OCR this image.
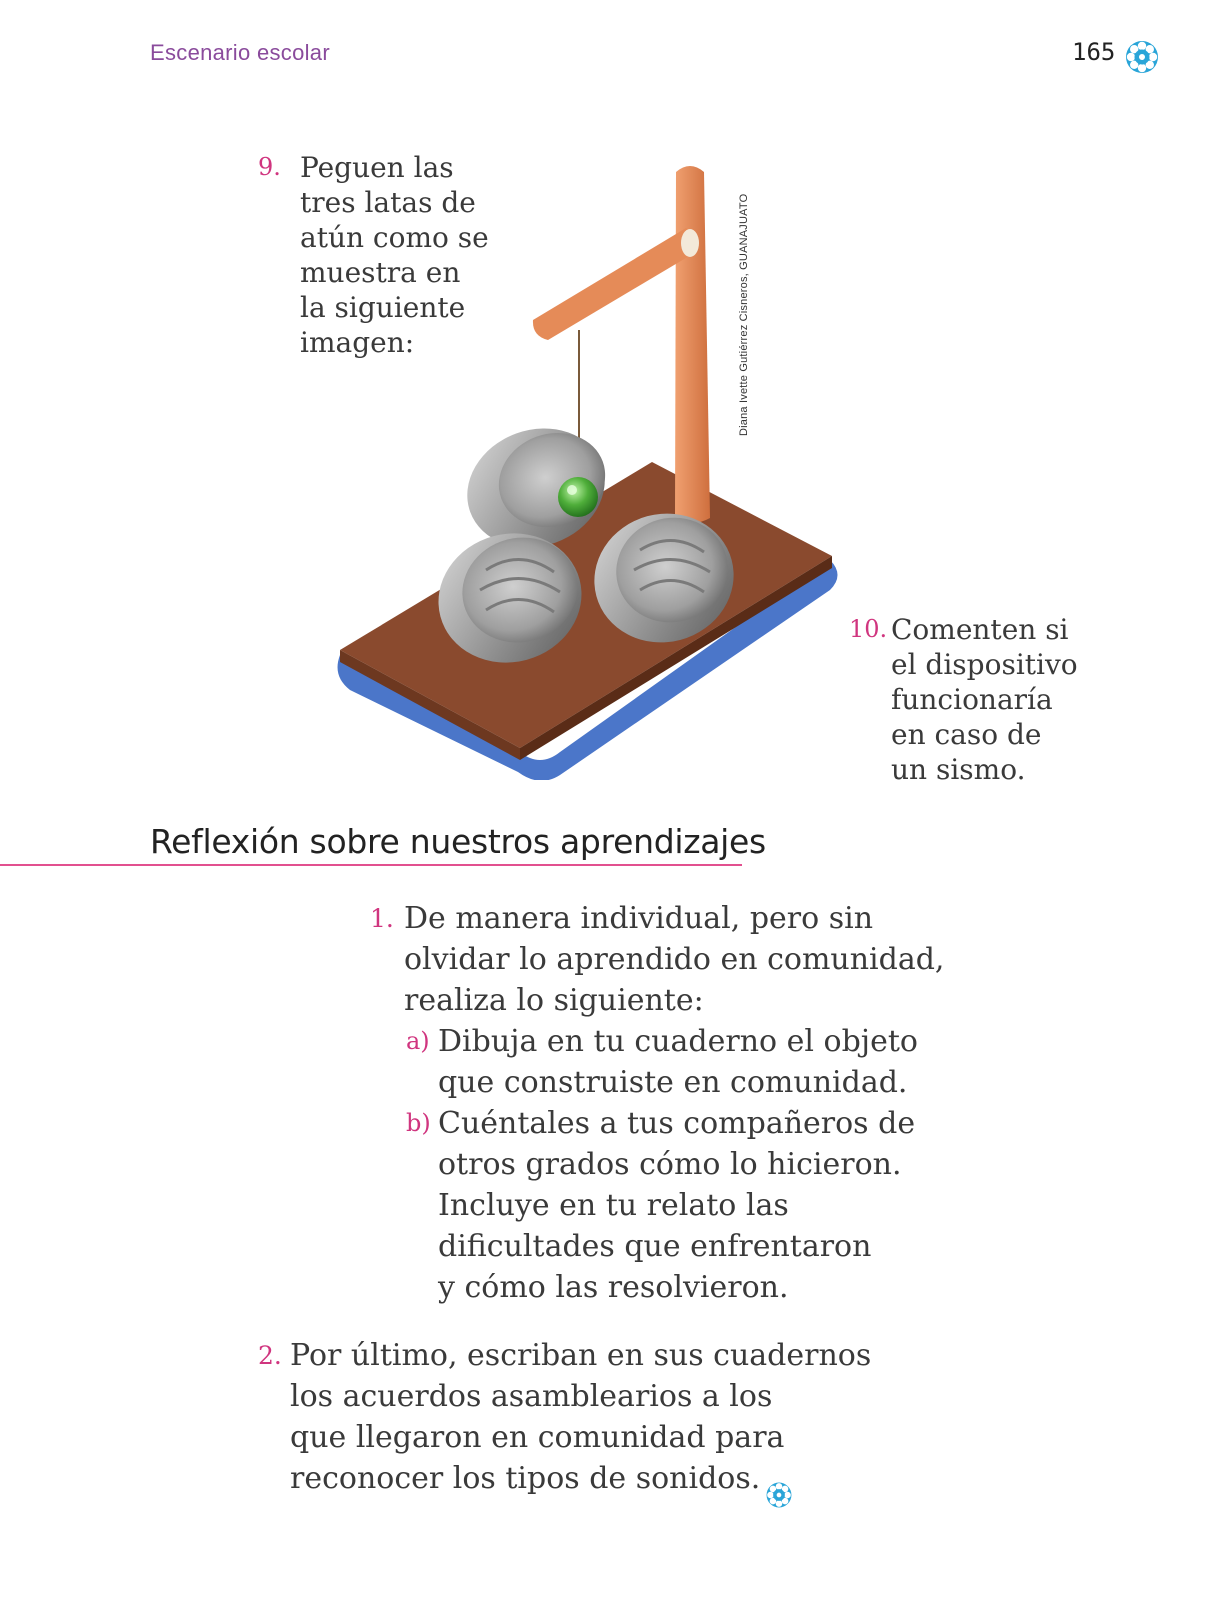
Escenario escolar	165
9. Peguen las
tres latas de
atún como se
muestra en
la siguiente
imagen:	Diana Ivette Gutiérrez Cisneros, GUANAJUATO
10. Comenten si
el dispositivo
funcionaría
en caso de
un sismo.
Reflexión sobre nuestros aprendizajes
1. De manera individual, pero sin
olvidar lo aprendido en comunidad,
realiza lo siguiente:
a) Dibuja en tu cuaderno el objeto
que construiste en comunidad.
b) Cuéntales a tus compañeros de
otros grados cómo lo hicieron.
Incluye en tu relato las
dificultades que enfrentaron
y cómo las resolvieron.
2. Por último, escriban en sus cuadernos
los acuerdos asamblearios a los
que llegaron en comunidad para
reconocer los tipos de sonidos.
